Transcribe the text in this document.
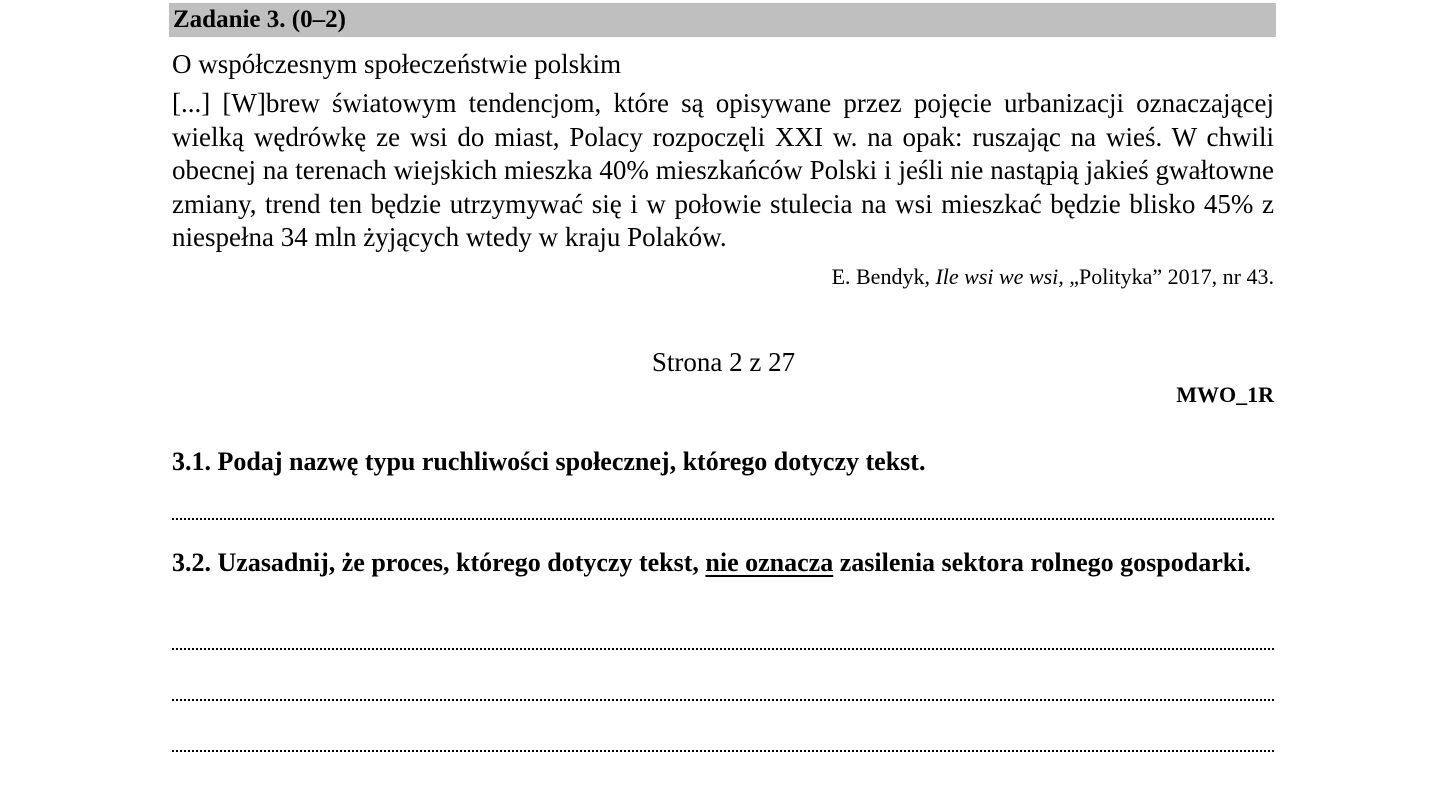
Zadanie 3. (0–2)
O współczesnym społeczeństwie polskim

[...] [W]brew światowym tendencjom, które są opisywane przez pojęcie urbanizacji oznaczającej wielką wędrówkę ze wsi do miast, Polacy rozpoczęli XXI w. na opak: ruszając na wieś. W chwili obecnej na terenach wiejskich mieszka 40% mieszkańców Polski i jeśli nie nastąpią jakieś gwałtowne zmiany, trend ten będzie utrzymywać się i w połowie stulecia na wsi mieszkać będzie blisko 45% z niespełna 34 mln żyjących wtedy w kraju Polaków.

E. Bendyk, Ile wsi we wsi, „Polityka” 2017, nr 43.
Strona 2 z 27
MWO_1R

3.1. Podaj nazwę typu ruchliwości społecznej, którego dotyczy tekst.

3.2. Uzasadnij, że proces, którego dotyczy tekst, nie oznacza zasilenia sektora rolnego gospodarki.
